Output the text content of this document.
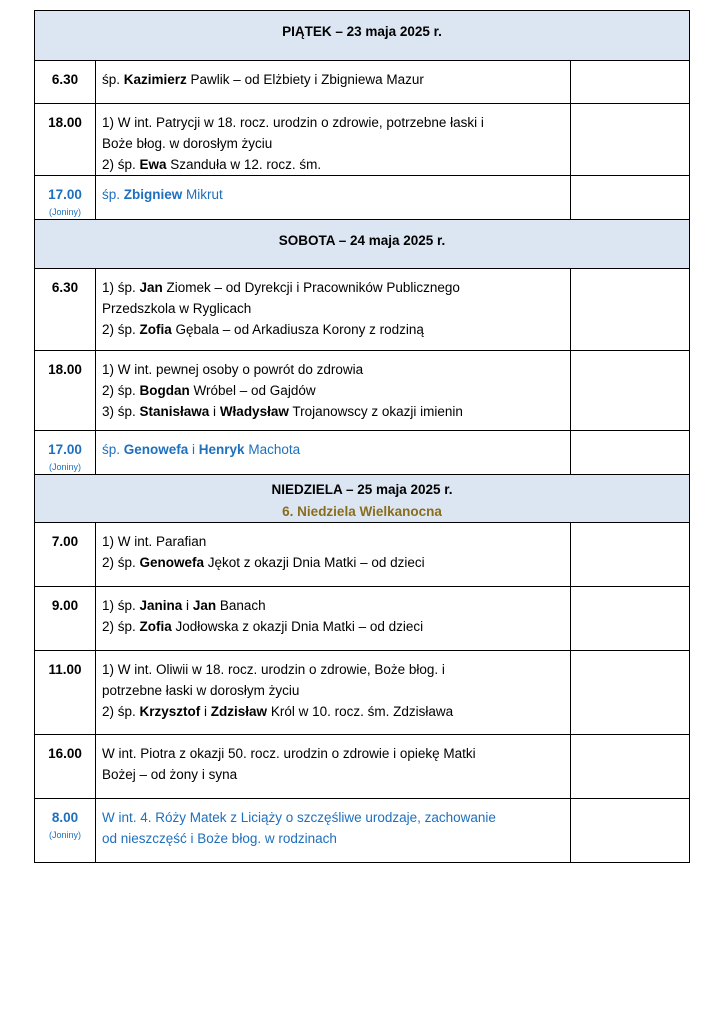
PIĄTEK – 23 maja 2025 r.		
6.30	śp. Kazimierz Pawlik – od Elżbiety i Zbigniewa Mazur	

18.00	1) W int. Patrycji w 18. rocz. urodzin o zdrowie, potrzebne łaski i
Boże błog. w dorosłym życiu
2) śp. Ewa Szanduła w 12. rocz. śm.	

17.00
(Joniny)	śp. Zbigniew Mikrut	

SOBOTA – 24 maja 2025 r.		
6.30	1) śp. Jan Ziomek – od Dyrekcji i Pracowników Publicznego
Przedszkola w Ryglicach
2) śp. Zofia Gębala – od Arkadiusza Korony z rodziną	

18.00	1) W int. pewnej osoby o powrót do zdrowia
2) śp. Bogdan Wróbel – od Gajdów
3) śp. Stanisława i Władysław Trojanowscy z okazji imienin	

17.00
(Joniny)	śp. Genowefa i Henryk Machota	

NIEDZIELA – 25 maja 2025 r.
6. Niedziela Wielkanocna		

7.00	1) W int. Parafian
2) śp. Genowefa Jękot z okazji Dnia Matki – od dzieci	

9.00	1) śp. Janina i Jan Banach
2) śp. Zofia Jodłowska z okazji Dnia Matki – od dzieci	

11.00	1) W int. Oliwii w 18. rocz. urodzin o zdrowie, Boże błog. i
potrzebne łaski w dorosłym życiu
2) śp. Krzysztof i Zdzisław Król w 10. rocz. śm. Zdzisława	

16.00	W int. Piotra z okazji 50. rocz. urodzin o zdrowie i opiekę Matki
Bożej – od żony i syna	

8.00
(Joniny)	W int. 4. Róży Matek z Liciąży o szczęśliwe urodzaje, zachowanie
od nieszczęść i Boże błog. w rodzinach	
